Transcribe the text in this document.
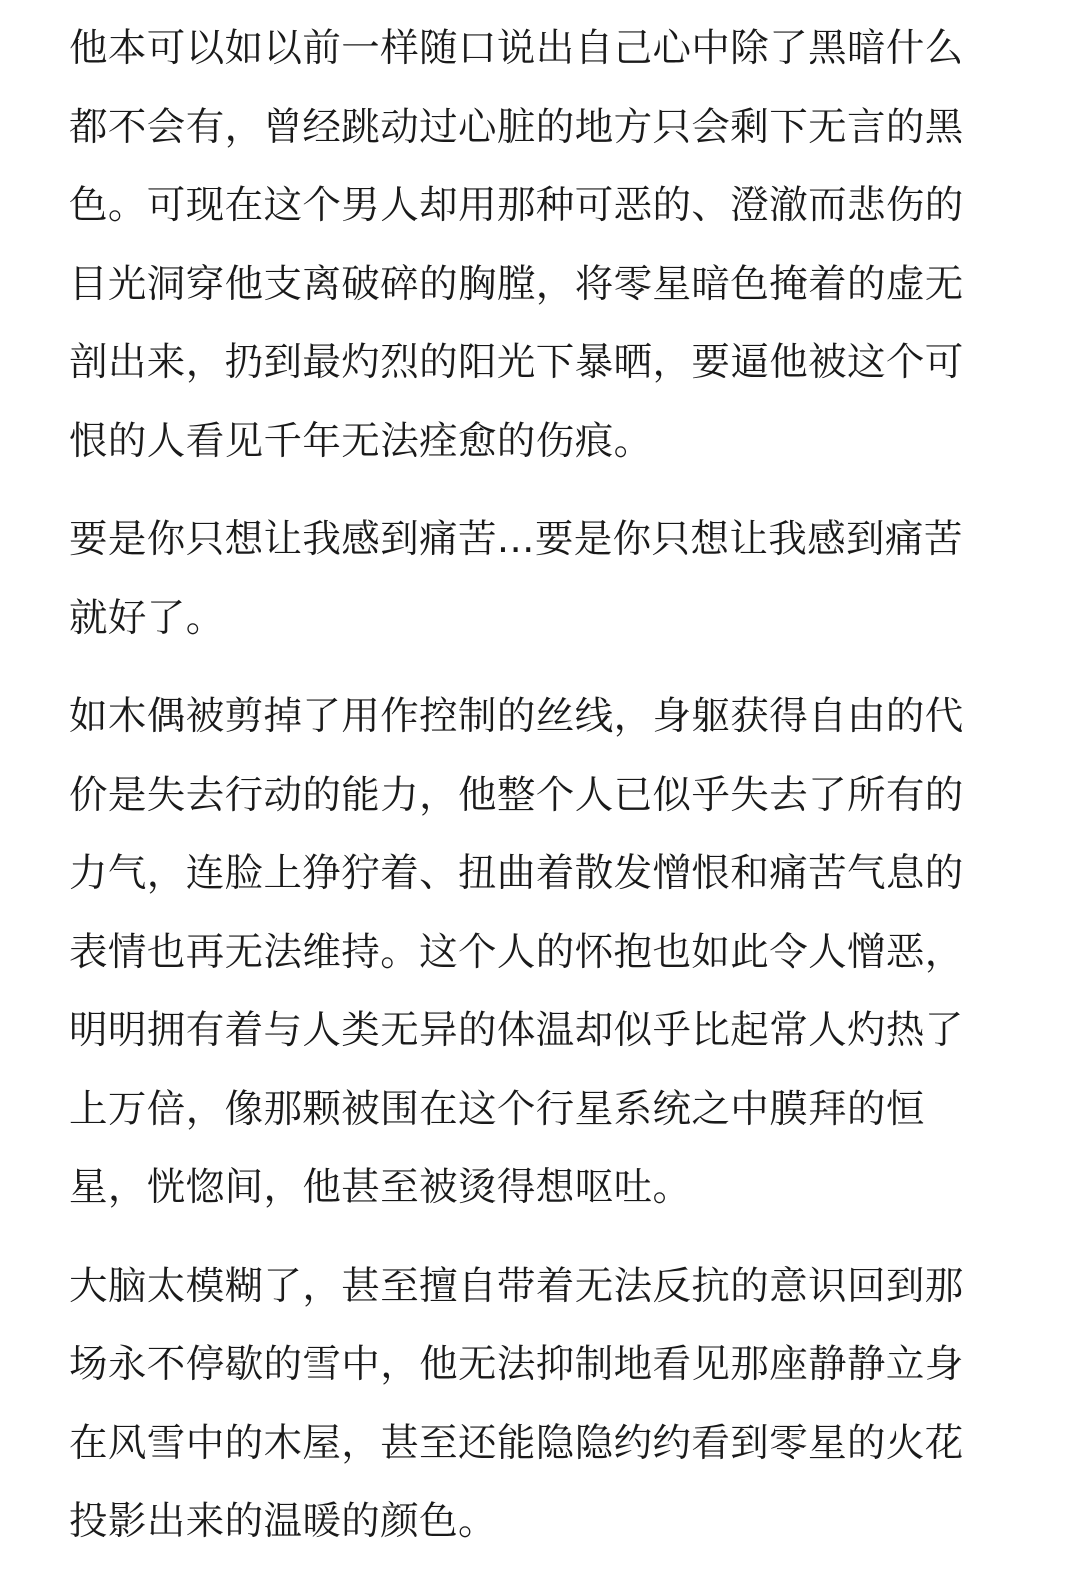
他本可以如以前一样随口说出自己心中除了黑暗什么
都不会有，曾经跳动过心脏的地方只会剩下无言的黑
色。可现在这个男人却用那种可恶的、澄澈而悲伤的
目光洞穿他支离破碎的胸膛，将零星暗色掩着的虚无
剖出来，扔到最灼烈的阳光下暴晒，要逼他被这个可
恨的人看见千年无法痊愈的伤痕。

要是你只想让我感到痛苦...要是你只想让我感到痛苦
就好了。

如木偶被剪掉了用作控制的丝线，身躯获得自由的代
价是失去行动的能力，他整个人已似乎失去了所有的
力气，连脸上狰狞着、扭曲着散发憎恨和痛苦气息的
表情也再无法维持。这个人的怀抱也如此令人憎恶，
明明拥有着与人类无异的体温却似乎比起常人灼热了
上万倍，像那颗被围在这个行星系统之中膜拜的恒
星，恍惚间，他甚至被烫得想呕吐。

大脑太模糊了，甚至擅自带着无法反抗的意识回到那
场永不停歇的雪中，他无法抑制地看见那座静静立身
在风雪中的木屋，甚至还能隐隐约约看到零星的火花
投影出来的温暖的颜色。
